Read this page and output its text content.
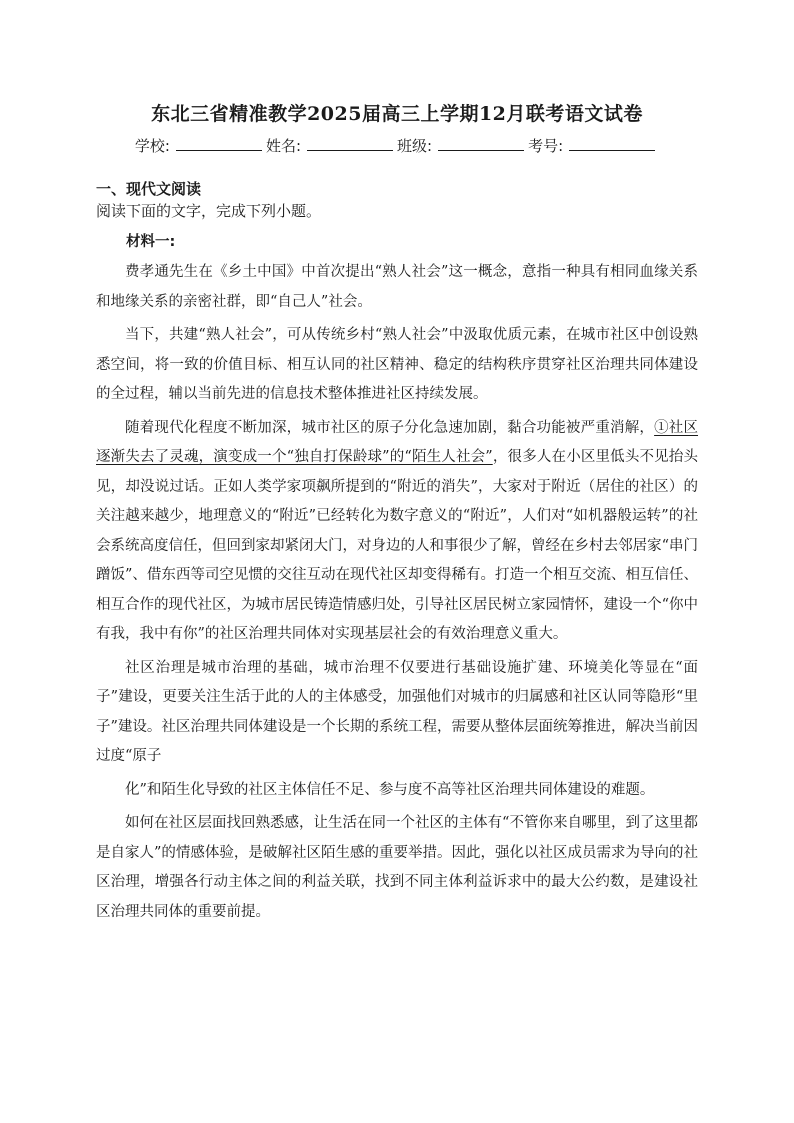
东北三省精准教学2025届高三上学期12月联考语文试卷
学校:	姓名:	班级:	考号:
一、现代文阅读
阅读下面的文字，完成下列小题。
材料一:

费孝通先生在《乡土中国》中首次提出“熟人社会”这一概念，意指一种具有相同血缘关系和地缘关系的亲密社群，即“自己人”社会。

当下，共建“熟人社会”，可从传统乡村“熟人社会”中汲取优质元素，在城市社区中创设熟悉空间，将一致的价值目标、相互认同的社区精神、稳定的结构秩序贯穿社区治理共同体建设的全过程，辅以当前先进的信息技术整体推进社区持续发展。

随着现代化程度不断加深，城市社区的原子分化急速加剧，黏合功能被严重消解，①社区逐渐失去了灵魂，演变成一个“独自打保龄球”的“陌生人社会”，很多人在小区里低头不见抬头见，却没说过话。正如人类学家项飙所提到的“附近的消失”，大家对于附近（居住的社区）的关注越来越少，地理意义的“附近”已经转化为数字意义的“附近”，人们对“如机器般运转”的社会系统高度信任，但回到家却紧闭大门，对身边的人和事很少了解，曾经在乡村去邻居家“串门蹭饭”、借东西等司空见惯的交往互动在现代社区却变得稀有。打造一个相互交流、相互信任、相互合作的现代社区，为城市居民铸造情感归处，引导社区居民树立家园情怀，建设一个“你中有我，我中有你”的社区治理共同体对实现基层社会的有效治理意义重大。

社区治理是城市治理的基础，城市治理不仅要进行基础设施扩建、环境美化等显在“面子”建设，更要关注生活于此的人的主体感受，加强他们对城市的归属感和社区认同等隐形“里子”建设。社区治理共同体建设是一个长期的系统工程，需要从整体层面统筹推进，解决当前因过度“原子

化”和陌生化导致的社区主体信任不足、参与度不高等社区治理共同体建设的难题。

如何在社区层面找回熟悉感，让生活在同一个社区的主体有“不管你来自哪里，到了这里都是自家人”的情感体验，是破解社区陌生感的重要举措。因此，强化以社区成员需求为导向的社区治理，增强各行动主体之间的利益关联，找到不同主体利益诉求中的最大公约数，是建设社区治理共同体的重要前提。
